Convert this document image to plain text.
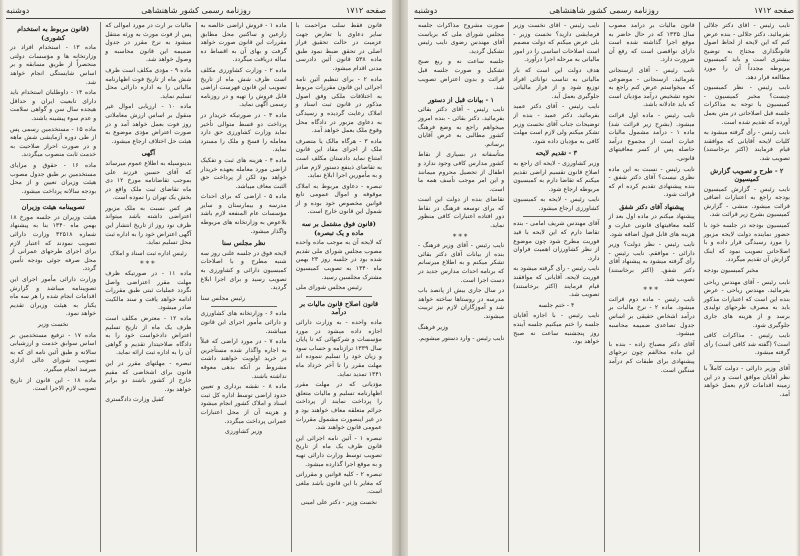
صفحه ۱۷۱۲
روزنامه رسمی کشور شاهنشاهی
دوشنبه

فانون فقط سلب مزاحمت با سایر دعاوی با تعارض جهت عزمیت در حالت تحقیق فراز اصلی در تحقق ضبط نمود طبق ماده ۵۳۸ قانون آئین دادرسی مدنی اقدام میشود.

ماده ۲ - برای تنظیم آئین نامه اجرائی این قانون مقررات مربوط به اختلافات ملکی وفق اصول مذکور در قانون ثبت اسناد و املاک رعایت گردیده و رسیدگی به دعاوی مزبور در دادگاه محل وقوع ملک بعمل خواهد آمد.

ماده ۳ - هرگاه مالک یا متصرف ملک از اجرای مفاد این قانون امتناع نماید دادستان مکلف است به تقاضای ذینفع دستور لازم صادر و به مأمورین اجرا ابلاغ نماید.

تبصره - دعاوی مربوط به املاک موقوفه و اموال عمومی تابع قوانین مخصوص خود بوده و از شمول این قانون خارج است.

(قانون فوق مشتمل بر سه ماده و یک تبصره)

که لایحه آن به موجب ماده واحده مصوب مجلس شورای ملی تقدیم شده بود در جلسه روز ۲۳ بهمن ماه ۱۳۴۰ به تصویب کمیسیون مشترک مجلسین رسید.

رئیس مجلس شورای ملی

قانون اصلاح قانون مالیات بر درآمد

ماده واحده - به وزارت دارائی اجازه داده میشود در مورد مؤسسات و شرکتهائی که تا پایان سال ۱۳۳۹ ترازنامه و حساب سود و زیان خود را تسلیم ننموده اند مهلت مقرر را تا آخر خرداد ماه ۱۳۴۱ تمدید نماید.

مؤدیانی که در مهلت مقرر اظهارنامه تسلیم و مالیات متعلق را پرداخت نمایند از پرداخت جرائم متعلقه معاف خواهند بود و در غیر اینصورت مشمول مقررات عمومی قانون خواهند شد.

تبصره ۱ - آئین نامه اجرائی این قانون ظرف یک ماه از تاریخ تصویب توسط وزارت دارائی تهیه و به موقع اجرا گذارده میشود.

تبصره ۲ - کلیه قوانین و مقرراتی که مغایر با این قانون باشد ملغی است.

نخست وزیر - دکتر علی امینی

ماده ۱ - فروش اراضی خالصه به زارعین و ساکنین محل مطابق مقررات این قانون صورت خواهد گرفت و بهای آن به اقساط ده ساله دریافت میگردد.

ماده ۲ - وزارت کشاورزی مکلف است ظرف شش ماه از تاریخ تصویب این قانون فهرست اراضی قابل فروش را تهیه و در روزنامه رسمی آگهی نماید.

ماده ۳ - در صورتیکه خریدار در پرداخت دو قسط متوالی تأخیر نماید وزارت کشاورزی حق دارد معامله را فسخ و ملک را مسترد نماید.

ماده ۴ - هزینه های ثبت و تفکیک اراضی مورد معامله بعهده خریدار خواهد بود لکن از پرداخت حق الثبت معاف میباشد.

ماده ۵ - اراضی که برای احداث مدرسه و بیمارستان و سایر مؤسسات عام المنفعه لازم باشد بلاعوض به وزارتخانه های مربوطه واگذار میشود.

نظر مجلس سنا

لایحه فوق در جلسه علنی روز سه شنبه مطرح و با اصلاحات کمیسیون دارائی و کشاورزی به تصویب رسید و برای اجرا ابلاغ گردید.

رئیس مجلس سنا

ماده ۶ - وزارتخانه های کشاورزی و دارائی مأمور اجرای این قانون میباشند.

ماده ۷ - در مورد اراضی که قبلاً به اجاره واگذار شده مستأجرین در خرید اولویت خواهند داشت مشروط بر آنکه بدهی معوقه نداشته باشند.

ماده ۸ - نقشه برداری و تعیین حدود اراضی توسط اداره کل ثبت اسناد و املاک کشور انجام میشود و هزینه آن از محل اعتبارات عمرانی پرداخت میگردد.

وزیر کشاورزی

مالیات بر ارث در مورد اموالی که پس از فوت مورث به ورثه منتقل میشود به نرخ مقرر در جدول ضمیمه این قانون محاسبه و وصول خواهد شد.

ماده ۹ - مؤدی مکلف است ظرف شش ماه از تاریخ فوت اظهارنامه مالیاتی را به اداره دارائی محل تسلیم نماید.

ماده ۱۰ - ارزیابی اموال غیر منقول بر اساس ارزش معاملاتی روز فوت بعمل خواهد آمد و در صورت اعتراض مؤدی موضوع به هیئت حل اختلاف ارجاع میشود.

آگهی

بدینوسیله به اطلاع عموم میرساند که آقای حسین فرزند علی بموجب تقاضانامه مورخ ۱۲ دی ماه تقاضای ثبت ملک واقع در بخش یک تهران را نموده است.

هر کس نسبت به ملک مزبور اعتراضی داشته باشد میتواند ظرف نود روز از تاریخ انتشار این آگهی اعتراض خود را به اداره ثبت محل تسلیم نماید.

رئیس اداره ثبت اسناد و املاک

***

ماده ۱۱ - در صورتیکه ظرف مهلت مقرر اعتراضی واصل نگردد عملیات ثبتی طبق مقررات ادامه خواهد یافت و سند مالکیت صادر میشود.

ماده ۱۲ - معترض مکلف است ظرف یک ماه از تاریخ تسلیم اعتراض دادخواست خود را به دادگاه صلاحیتدار تقدیم و گواهی آن را به اداره ثبت ارائه نماید.

تبصره - مهلتهای مقرر در این قانون برای اشخاصی که مقیم خارج از کشور باشند دو برابر خواهد بود.

کفیل وزارت دادگستری

(قانون مربوط به استخدام کشوری)

ماده ۱۳ - استخدام افراد در وزارتخانه ها و مؤسسات دولتی منحصراً از طریق مسابقه و بر اساس شایستگی انجام خواهد شد.

ماده ۱۴ - داوطلبان استخدام باید دارای تابعیت ایران و حداقل هیجده سال سن و گواهی سلامت و عدم سوء پیشینه باشند.

ماده ۱۵ - مستخدمین رسمی پس از طی دوره آزمایشی شش ماهه و در صورت احراز صلاحیت به خدمت ثابت منصوب میگردند.

ماده ۱۶ - حقوق و مزایای مستخدمین بر طبق جدول مصوب هیئت وزیران تعیین و از محل بودجه سالانه پرداخت میشود.

تصویبنامه هیئت وزیران

هیئت وزیران در جلسه مورخ ۱۸ بهمن ماه ۱۳۴۰ بنا به پیشنهاد شماره ۳۲۵۱۸ وزارت دارائی تصویب نمودند که اعتبار لازم برای اجرای طرحهای عمرانی از محل صرفه جوئی بودجه تأمین گردد.

وزارت دارائی مأمور اجرای این تصویبنامه میباشد و گزارش اقدامات انجام شده را هر سه ماه یکبار به هیئت وزیران تقدیم خواهد نمود.

نخست وزیر

ماده ۱۷ - ترفیع مستخدمین بر اساس سوابق خدمت و ارزشیابی سالانه و طبق آئین نامه ای که به تصویب شورای عالی اداری میرسد انجام میگیرد.

ماده ۱۸ - این قانون از تاریخ تصویب لازم الاجرا است.

صفحه ۱۷۱۲
روزنامه رسمی کشور شاهنشاهی
دوشنبه

نایب رئیس - آقای دکتر جلالی بفرمائید. دکتر جلالی - بنده عرض کنم که این لایحه از لحاظ اصول قانونگذاری محتاج به توضیح بیشتری است و باید کمیسیون مربوطه مجدداً آن را مورد مطالعه قرار دهد.

نایب رئیس - نظر کمیسیون چیست؟ مخبر کمیسیون - کمیسیون با توجه به مذاکرات جلسه قبل اصلاحاتی در متن بعمل آورده که تقدیم شده است.

نایب رئیس - رأی گرفته میشود به کلیات لایحه آقایانی که موافقند قیام فرمایند (اکثر برخاستند) تصویب شد.

۲ - طرح و تصویب گزارش کمیسیون

نایب رئیس - گزارش کمیسیون بودجه راجع به اعتبارات اضافی قرائت میشود. منشی - گزارش کمیسیون بشرح زیر قرائت شد.

کمیسیون بودجه در جلسه خود با حضور نماینده دولت لایحه مزبور را مورد رسیدگی قرار داده و با اصلاحاتی تصویب نمود که اینک گزارش آن تقدیم میگردد.

مخبر کمیسیون بودجه

نایب رئیس - آقای مهندس ریاحی بفرمائید. مهندس ریاحی - عرض بنده این است که اعتبارات مذکور باید به مصرف طرحهای تولیدی برسد و از هزینه های جاری جلوگیری شود.

نایب رئیس - مذاکرات کافی است؟ (گفته شد کافی است) رأی گرفته میشود.

آقای وزیر دارائی - دولت کاملاً با نظر آقایان موافق است و در این زمینه اقدامات لازم بعمل خواهد آمد.

قانون مالیات بر درآمد مصوب سال ۱۳۳۵ که در حال حاضر به موقع اجرا گذاشته شده است دارای نواقصی است که رفع آن ضرورت دارد.

نایب رئیس - آقای ارسنجانی بفرمائید. ارسنجانی - موضوعی که میخواستم عرض کنم راجع به نحوه تشخیص درآمد مؤدیان است که باید عادلانه باشد.

نایب رئیس - ماده اول قرائت میشود. (بشرح زیر قرائت شد) ماده ۱ - درآمد مشمول مالیات عبارت است از مجموع درآمد حاصله پس از کسر معافیتهای قانونی.

نایب رئیس - نسبت به این ماده نظری نیست؟ آقای دکتر شفق - بنده پیشنهادی تقدیم کرده ام که قرائت شود.

پیشنهاد آقای دکتر شفق

پیشنهاد میکنم در ماده اول بعد از کلمه معافیتهای قانونی عبارت و هزینه های قابل قبول اضافه شود.

نایب رئیس - نظر دولت؟ وزیر دارائی - موافقم. نایب رئیس - رأی گرفته میشود به پیشنهاد آقای دکتر شفق. (اکثر برخاستند) تصویب شد.

***

نایب رئیس - ماده دوم قرائت میشود. ماده ۲ - نرخ مالیات بر درآمد اشخاص حقیقی بر اساس جدول تصاعدی ضمیمه محاسبه میشود.

آقای دکتر مصباح زاده - بنده با این ماده مخالفم چون نرخهای پیشنهادی برای طبقات کم درآمد سنگین است.

نایب رئیس - آقای نخست وزیر فرمایشی دارید؟ نخست وزیر - بلی عرض میکنم که دولت مصمم است اصلاحات اساسی را در امور مالیاتی به مرحله اجرا درآورد.

هدف دولت این است که بار مالیاتی به تناسب توانائی افراد توزیع شود و از فرار مالیاتی جلوگیری بعمل آید.

نایب رئیس - آقای دکتر عمید بفرمائید. دکتر عمید - بنده از توضیحات جناب آقای نخست وزیر تشکر میکنم ولی لازم است مهلت کافی به مؤدیان داده شود.

۳ - تقدیم لایحه

وزیر کشاورزی - لایحه ای راجع به اصلاح قانون تقسیم اراضی تقدیم میکنم که تقاضا دارم به کمیسیون مربوطه ارجاع شود.

نایب رئیس - لایحه به کمیسیون کشاورزی ارجاع میشود.

آقای مهندس شریف امامی - بنده تقاضا دارم که این لایحه با قید فوریت مطرح شود چون موضوع از نظر کشاورزان اهمیت فراوان دارد.

نایب رئیس - رأی گرفته میشود به فوریت لایحه. آقایانی که موافقند قیام فرمایند (اکثر برخاستند) تصویب شد.

۴ - ختم جلسه

نایب رئیس - با اجازه آقایان جلسه را ختم میکنیم جلسه آینده روز پنجشنبه ساعت نه صبح خواهد بود.

صورت مشروح مذاکرات جلسه مجلس شورای ملی که بریاست آقای مهندس رضوی نایب رئیس تشکیل گردید.

جلسه ساعت نه و ربع صبح تشکیل و صورت جلسه قبل قرائت و بدون اعتراض تصویب شد.

۱ - بیانات قبل از دستور

نایب رئیس - آقای دکتر بقائی بفرمائید. دکتر بقائی - بنده امروز میخواهم راجع به وضع فرهنگ کشور مطالبی به عرض آقایان برسانم.

متأسفانه در بسیاری از نقاط کشور مدارس کافی وجود ندارد و اطفال از تحصیل محروم میمانند و این امر موجب تأسف همه ما است.

تقاضای بنده از دولت این است که برای توسعه فرهنگ در نقاط دور افتاده اعتبارات کافی منظور نماید.

***

نایب رئیس - آقای وزیر فرهنگ - بنده از بیانات آقای دکتر بقائی تشکر میکنم و به اطلاع میرسانم که برنامه احداث مدارس جدید در دست اجرا است.

در سال جاری بیش از پانصد باب مدرسه در روستاها ساخته خواهد شد و آموزگاران لازم نیز تربیت میشوند.

وزیر فرهنگ

نایب رئیس - وارد دستور میشویم.
